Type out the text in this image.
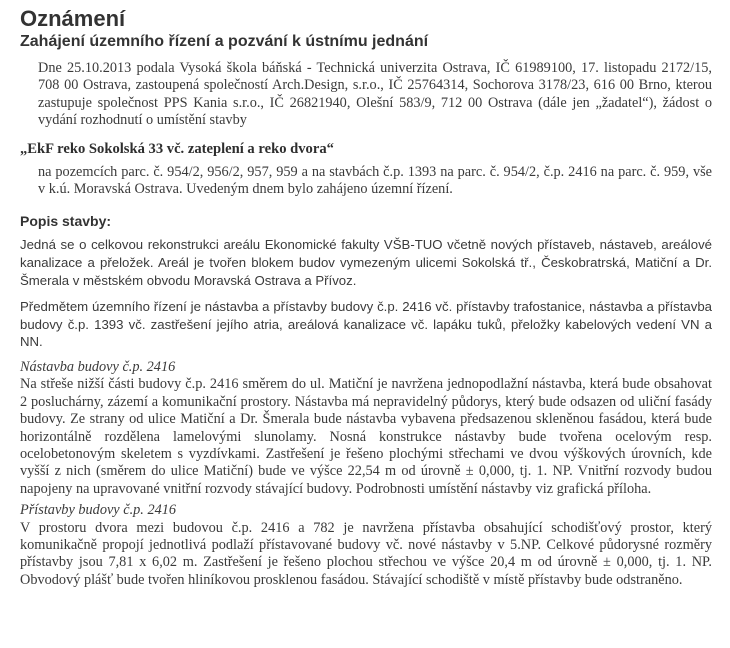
Oznámení
Zahájení územního řízení a pozvání k ústnímu jednání

Dne 25.10.2013 podala Vysoká škola báňská - Technická univerzita Ostrava, IČ 61989100, 17. listopadu 2172/15, 708 00 Ostrava, zastoupená společností Arch.Design, s.r.o., IČ 25764314, Sochorova 3178/23, 616 00 Brno, kterou zastupuje společnost PPS Kania s.r.o., IČ 26821940, Olešní 583/9, 712 00 Ostrava (dále jen „žadatel“), žádost o vydání rozhodnutí o umístění stavby

„EkF reko Sokolská 33 vč. zateplení a reko dvora“

na pozemcích parc. č. 954/2, 956/2, 957, 959 a na stavbách č.p. 1393 na parc. č. 954/2, č.p. 2416 na parc. č. 959, vše v k.ú. Moravská Ostrava. Uvedeným dnem bylo zahájeno územní řízení.

Popis stavby:

Jedná se o celkovou rekonstrukci areálu Ekonomické fakulty VŠB-TUO včetně nových přístaveb, nástaveb, areálové kanalizace a přeložek. Areál je tvořen blokem budov vymezeným ulicemi Sokolská tř., Českobratrská, Matiční a Dr. Šmerala v městském obvodu Moravská Ostrava a Přívoz.

Předmětem územního řízení je nástavba a přístavby budovy č.p. 2416 vč. přístavby trafostanice, nástavba a přístavba budovy č.p. 1393 vč. zastřešení jejího atria, areálová kanalizace vč. lapáku tuků, přeložky kabelových vedení VN a NN.

Nástavba budovy č.p. 2416

Na střeše nižší části budovy č.p. 2416 směrem do ul. Matiční je navržena jednopodlažní nástavba, která bude obsahovat 2 posluchárny, zázemí a komunikační prostory. Nástavba má nepravidelný půdorys, který bude odsazen od uliční fasády budovy. Ze strany od ulice Matiční a Dr. Šmerala bude nástavba vybavena předsazenou skleněnou fasádou, která bude horizontálně rozdělena lamelovými slunolamy. Nosná konstrukce nástavby bude tvořena ocelovým resp. ocelobetonovým skeletem s vyzdívkami. Zastřešení je řešeno plochými střechami ve dvou výškových úrovních, kde vyšší z nich (směrem do ulice Matiční) bude ve výšce 22,54 m od úrovně ± 0,000, tj. 1. NP. Vnitřní rozvody budou napojeny na upravované vnitřní rozvody stávající budovy. Podrobnosti umístění nástavby viz grafická příloha.

Přístavby budovy č.p. 2416

V prostoru dvora mezi budovou č.p. 2416 a 782 je navržena přístavba obsahující schodišťový prostor, který komunikačně propojí jednotlivá podlaží přístavované budovy vč. nové nástavby v 5.NP. Celkové půdorysné rozměry přístavby jsou 7,81 x 6,02 m. Zastřešení je řešeno plochou střechou ve výšce 20,4 m od úrovně ± 0,000, tj. 1. NP. Obvodový plášť bude tvořen hliníkovou prosklenou fasádou. Stávající schodiště v místě přístavby bude odstraněno.
